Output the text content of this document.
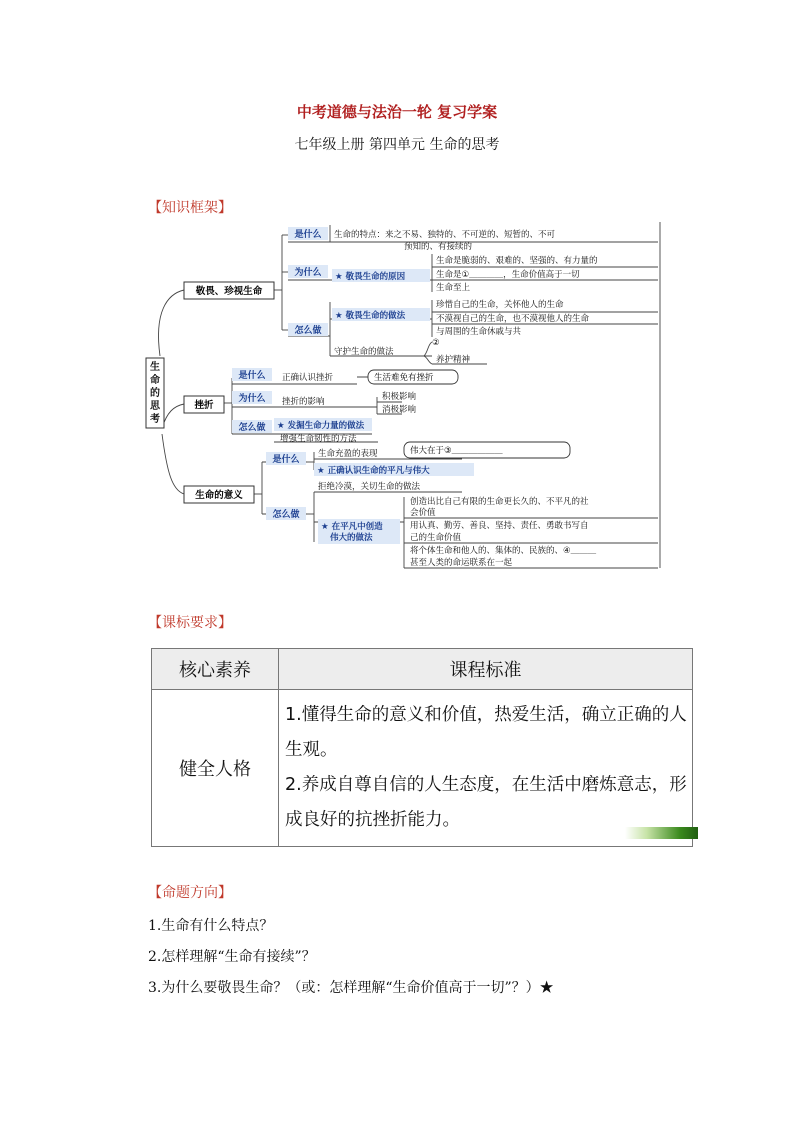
中考道德与法治一轮 复习学案
七年级上册 第四单元 生命的思考
【知识框架】
生
命
的
思
考
敬畏、珍视生命
挫折
生命的意义
是什么
为什么
怎么做
是什么
为什么
怎么做
是什么
怎么做
★ 敬畏生命的原因
★ 敬畏生命的做法
★ 发掘生命力量的做法
★ 正确认识生命的平凡与伟大
★ 在平凡中创造
伟大的做法
生命的特点：来之不易、独特的、不可逆的、短暂的、不可
预知的、有接续的
生命是脆弱的、艰难的、坚强的、有力量的
生命是①＿＿＿＿，生命价值高于一切
生命至上
珍惜自己的生命，关怀他人的生命
不漠视自己的生命，也不漠视他人的生命
与周围的生命休戚与共
守护生命的做法
②
养护精神
正确认识挫折
挫折的影响	积极影响
消极影响
增强生命韧性的方法
生活难免有挫折
生命充盈的表现
拒绝冷漠，关切生命的做法
创造出比自己有限的生命更长久的、不平凡的社
会价值
用认真、勤劳、善良、坚持、责任、勇敢书写自
己的生命价值
将个体生命和他人的、集体的、民族的、④＿＿＿
甚至人类的命运联系在一起
伟大在于③＿＿＿＿＿＿
【课标要求】
核心素养	课程标准
健全人格	1.懂得生命的意义和价值，热爱生活，确立正确的人生观。
2.养成自尊自信的人生态度，在生活中磨炼意志，形成良好的抗挫折能力。
【命题方向】
1.生命有什么特点？
2.怎样理解“生命有接续”？
3.为什么要敬畏生命？（或：怎样理解“生命价值高于一切”？）★
